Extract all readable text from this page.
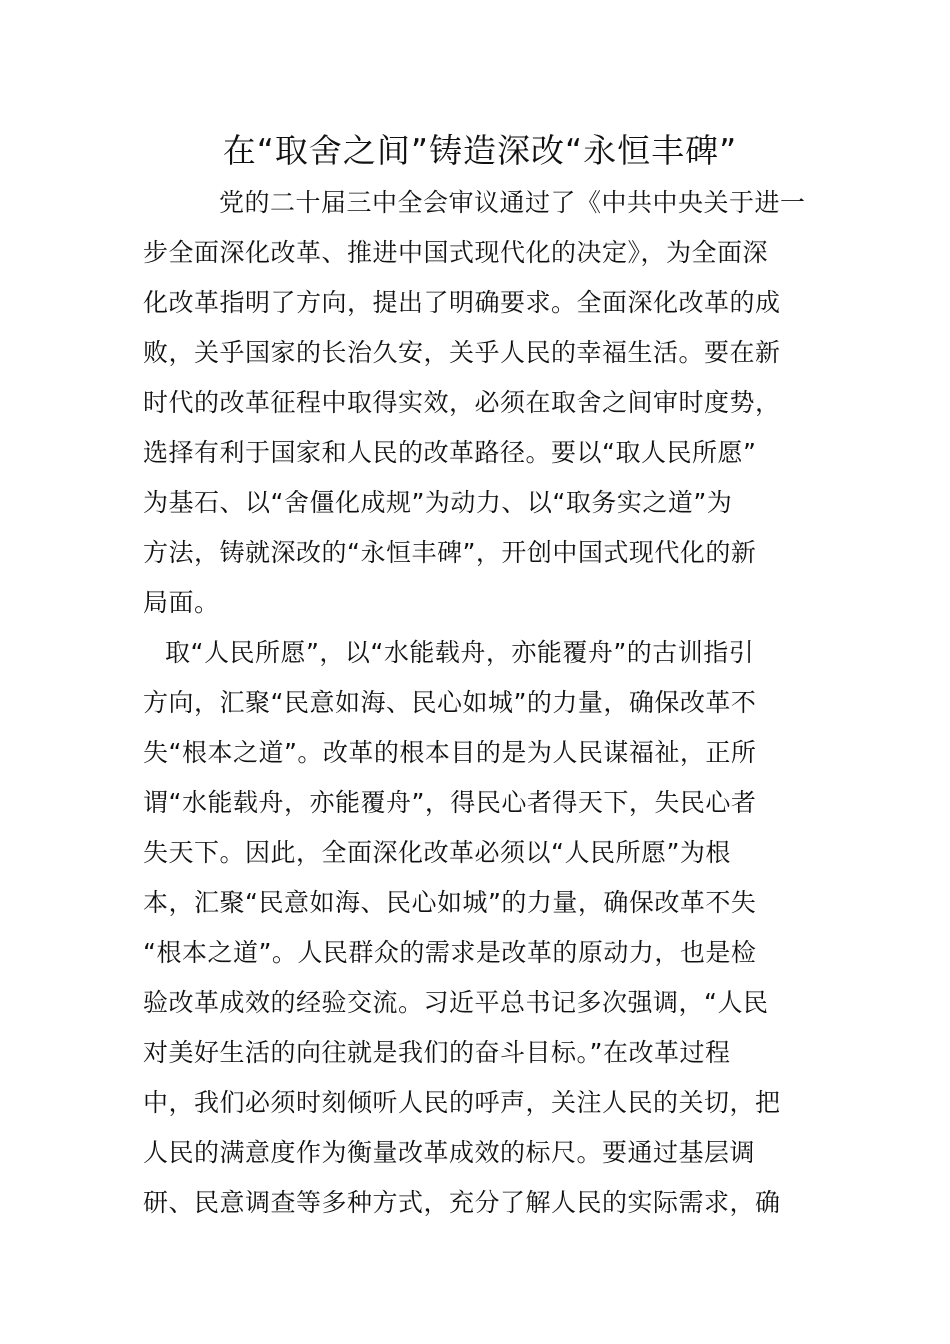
在“取舍之间”铸造深改“永恒丰碑”
党的二十届三中全会审议通过了《中共中央关于进一
步全面深化改革、推进中国式现代化的决定》，为全面深
化改革指明了方向，提出了明确要求。全面深化改革的成
败，关乎国家的长治久安，关乎人民的幸福生活。要在新
时代的改革征程中取得实效，必须在取舍之间审时度势，
选择有利于国家和人民的改革路径。要以“取人民所愿”
为基石、以“舍僵化成规”为动力、以“取务实之道”为
方法，铸就深改的“永恒丰碑”，开创中国式现代化的新
局面。
取“人民所愿”，以“水能载舟，亦能覆舟”的古训指引
方向，汇聚“民意如海、民心如城”的力量，确保改革不
失“根本之道”。改革的根本目的是为人民谋福祉，正所
谓“水能载舟，亦能覆舟”，得民心者得天下，失民心者
失天下。因此，全面深化改革必须以“人民所愿”为根
本，汇聚“民意如海、民心如城”的力量，确保改革不失
“根本之道”。人民群众的需求是改革的原动力，也是检
验改革成效的经验交流。习近平总书记多次强调，“人民
对美好生活的向往就是我们的奋斗目标。”在改革过程
中，我们必须时刻倾听人民的呼声，关注人民的关切，把
人民的满意度作为衡量改革成效的标尺。要通过基层调
研、民意调查等多种方式，充分了解人民的实际需求，确
